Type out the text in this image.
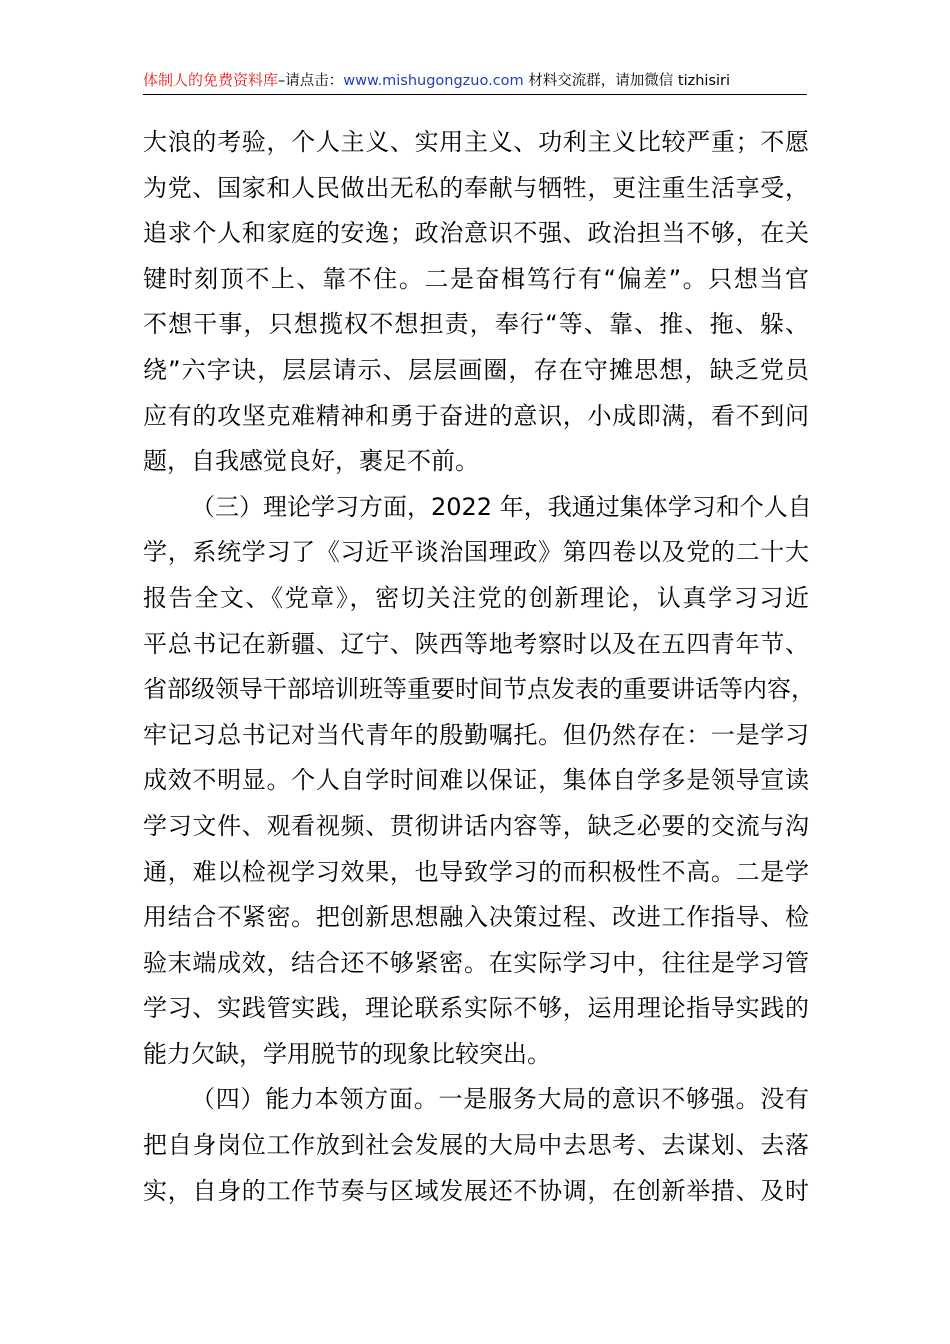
体制人的免费资料库–请点击：www.mishugongzuo.com 材料交流群，请加微信 tizhisiri
大浪的考验，个人主义、实用主义、功利主义比较严重；不愿
为党、国家和人民做出无私的奉献与牺牲，更注重生活享受，
追求个人和家庭的安逸；政治意识不强、政治担当不够，在关
键时刻顶不上、靠不住。二是奋楫笃行有“偏差”。只想当官
不想干事，只想揽权不想担责，奉行“等、靠、推、拖、躲、
绕”六字诀，层层请示、层层画圈，存在守摊思想，缺乏党员
应有的攻坚克难精神和勇于奋进的意识，小成即满，看不到问
题，自我感觉良好，裹足不前。
（三）理论学习方面，2022 年，我通过集体学习和个人自
学，系统学习了《习近平谈治国理政》第四卷以及党的二十大
报告全文、《党章》，密切关注党的创新理论，认真学习习近
平总书记在新疆、辽宁、陕西等地考察时以及在五四青年节、
省部级领导干部培训班等重要时间节点发表的重要讲话等内容，
牢记习总书记对当代青年的殷勤嘱托。但仍然存在：一是学习
成效不明显。个人自学时间难以保证，集体自学多是领导宣读
学习文件、观看视频、贯彻讲话内容等，缺乏必要的交流与沟
通，难以检视学习效果，也导致学习的而积极性不高。二是学
用结合不紧密。把创新思想融入决策过程、改进工作指导、检
验末端成效，结合还不够紧密。在实际学习中，往往是学习管
学习、实践管实践，理论联系实际不够，运用理论指导实践的
能力欠缺，学用脱节的现象比较突出。
（四）能力本领方面。一是服务大局的意识不够强。没有
把自身岗位工作放到社会发展的大局中去思考、去谋划、去落
实，自身的工作节奏与区域发展还不协调，在创新举措、及时
